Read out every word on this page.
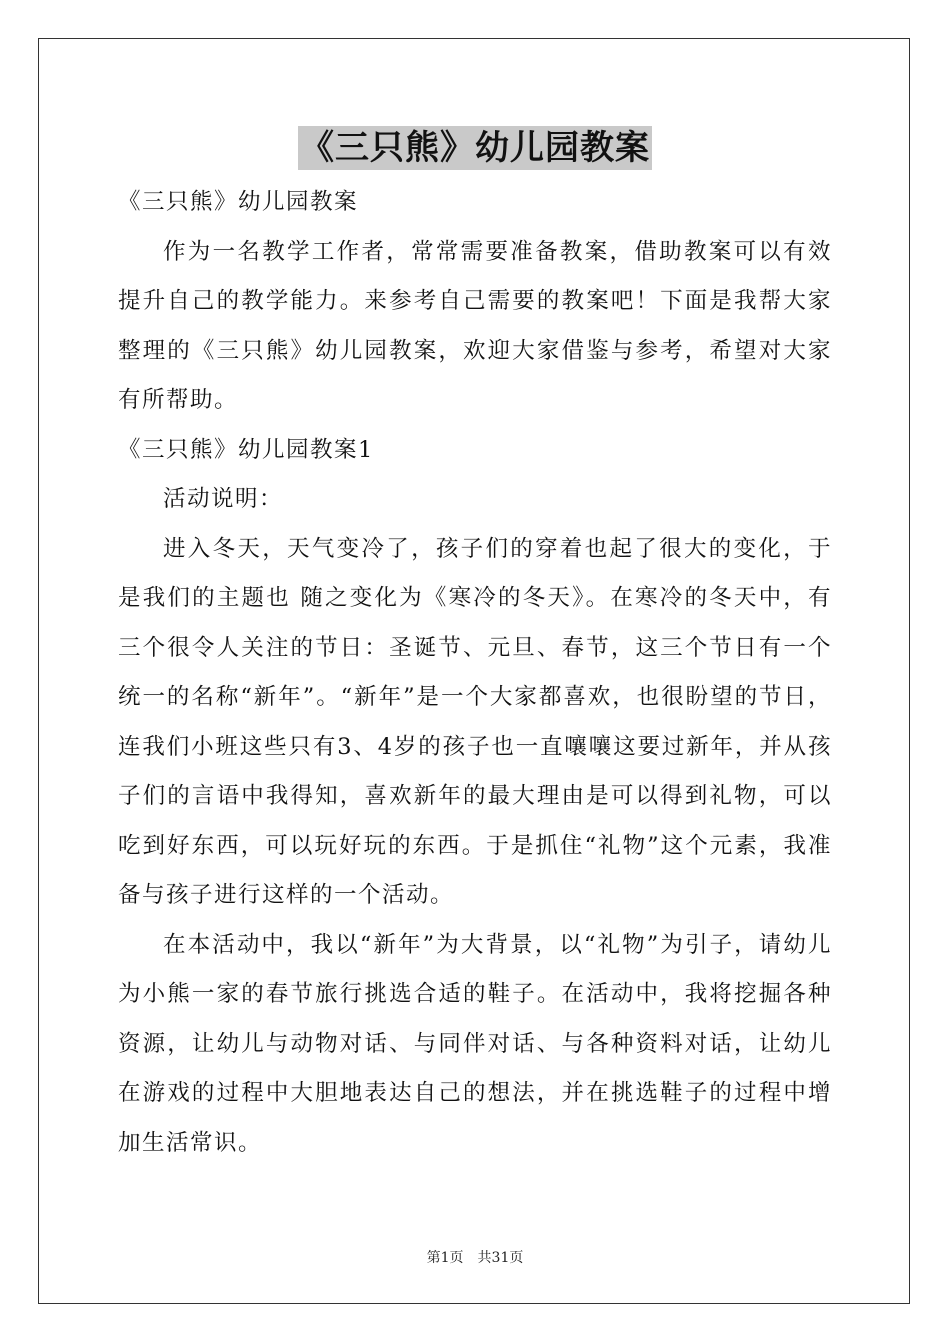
《三只熊》幼儿园教案

《三只熊》幼儿园教案

作为一名教学工作者，常常需要准备教案，借助教案可以有效提升自己的教学能力。来参考自己需要的教案吧！下面是我帮大家整理的《三只熊》幼儿园教案，欢迎大家借鉴与参考，希望对大家有所帮助。

《三只熊》幼儿园教案1

活动说明：

进入冬天，天气变冷了，孩子们的穿着也起了很大的变化，于是我们的主题也 随之变化为《寒冷的冬天》。在寒冷的冬天中，有三个很令人关注的节日：圣诞节、元旦、春节，这三个节日有一个统一的名称“新年”。“新年”是一个大家都喜欢，也很盼望的节日，连我们小班这些只有3、4岁的孩子也一直嚷嚷这要过新年，并从孩子们的言语中我得知，喜欢新年的最大理由是可以得到礼物，可以吃到好东西，可以玩好玩的东西。于是抓住“礼物”这个元素，我准备与孩子进行这样的一个活动。

在本活动中，我以“新年”为大背景，以“礼物”为引子，请幼儿为小熊一家的春节旅行挑选合适的鞋子。在活动中，我将挖掘各种资源，让幼儿与动物对话、与同伴对话、与各种资料对话，让幼儿在游戏的过程中大胆地表达自己的想法，并在挑选鞋子的过程中增加生活常识。

第1页 共31页
